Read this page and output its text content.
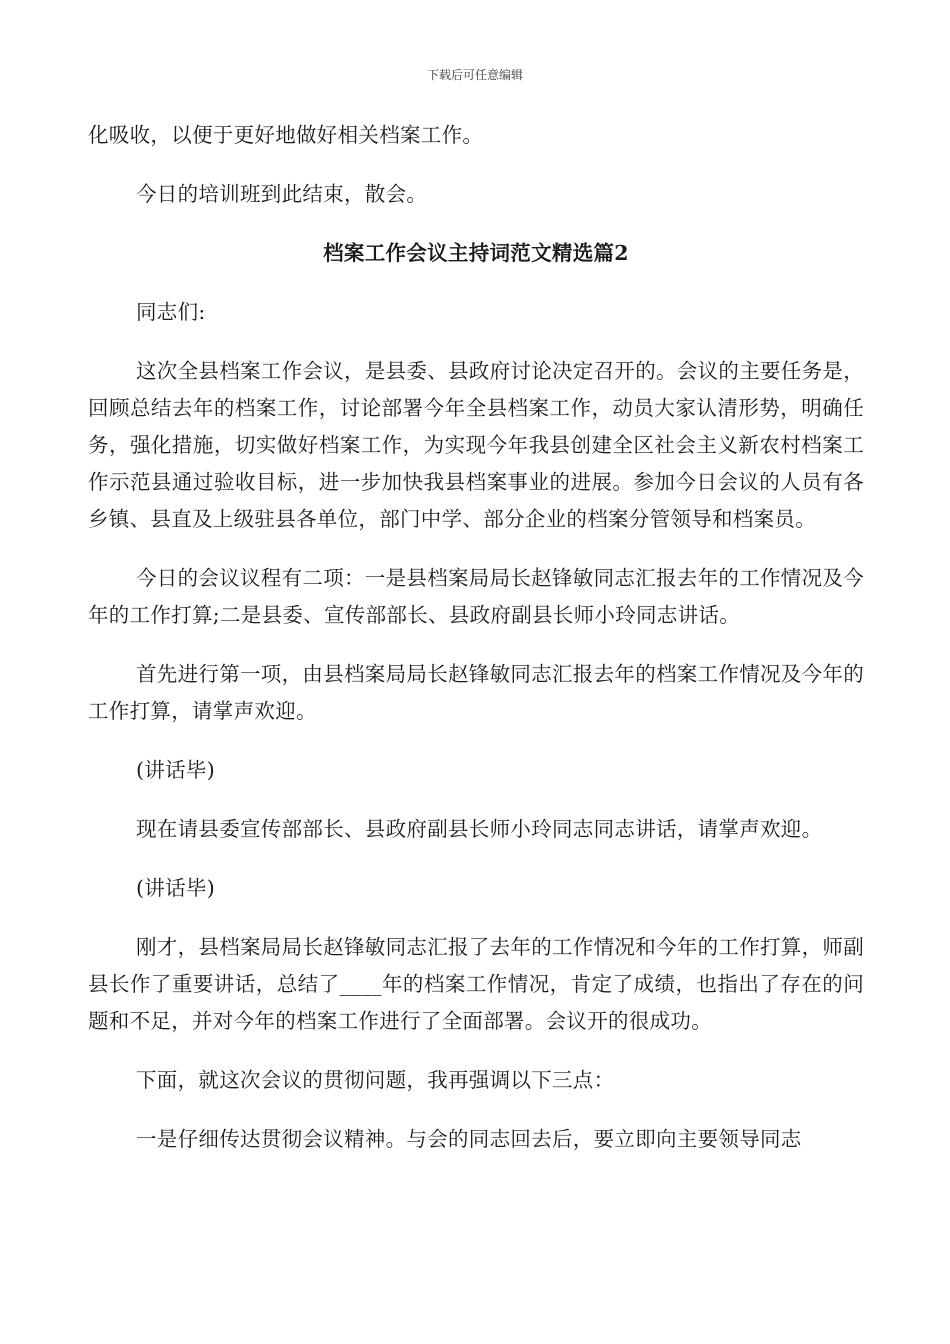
下载后可任意编辑

化吸收，以便于更好地做好相关档案工作。

今日的培训班到此结束，散会。

档案工作会议主持词范文精选篇2

同志们:

这次全县档案工作会议，是县委、县政府讨论决定召开的。会议的主要任务是，回顾总结去年的档案工作，讨论部署今年全县档案工作，动员大家认清形势，明确任务，强化措施，切实做好档案工作，为实现今年我县创建全区社会主义新农村档案工作示范县通过验收目标，进一步加快我县档案事业的进展。参加今日会议的人员有各乡镇、县直及上级驻县各单位，部门中学、部分企业的档案分管领导和档案员。

今日的会议议程有二项：一是县档案局局长赵锋敏同志汇报去年的工作情况及今年的工作打算;二是县委、宣传部部长、县政府副县长师小玲同志讲话。

首先进行第一项，由县档案局局长赵锋敏同志汇报去年的档案工作情况及今年的工作打算，请掌声欢迎。

(讲话毕)

现在请县委宣传部部长、县政府副县长师小玲同志同志讲话，请掌声欢迎。

(讲话毕)

刚才，县档案局局长赵锋敏同志汇报了去年的工作情况和今年的工作打算，师副县长作了重要讲话，总结了____年的档案工作情况，肯定了成绩，也指出了存在的问题和不足，并对今年的档案工作进行了全面部署。会议开的很成功。

下面，就这次会议的贯彻问题，我再强调以下三点：

一是仔细传达贯彻会议精神。与会的同志回去后，要立即向主要领导同志
